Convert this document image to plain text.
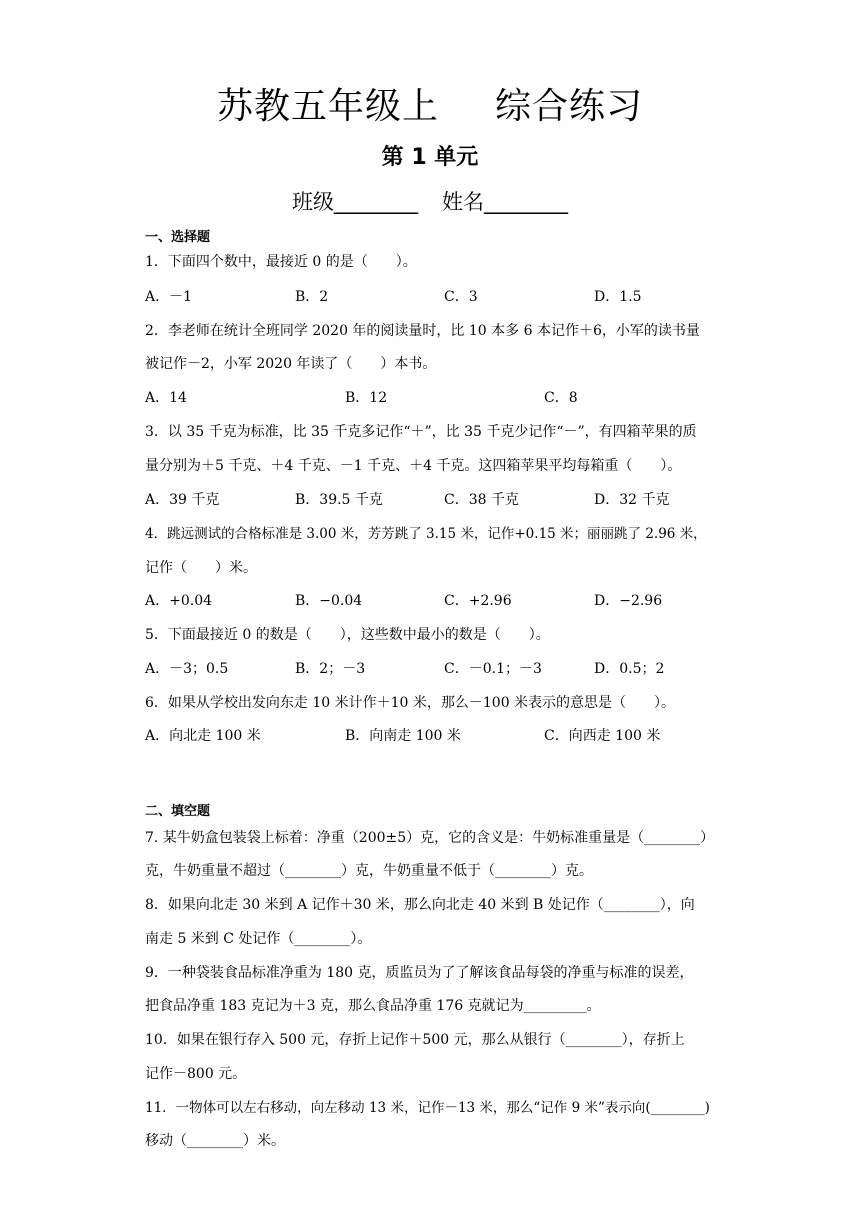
苏教五年级上 综合练习
第 1 单元
班级________ 姓名________
一、选择题
1．下面四个数中，最接近 0 的是（　　）。
A．－1	B．2	C．3	D．1.5
2．李老师在统计全班同学 2020 年的阅读量时，比 10 本多 6 本记作＋6，小军的读书量
被记作－2，小军 2020 年读了（　　）本书。
A．14	B．12	C．8
3．以 35 千克为标准，比 35 千克多记作“＋”，比 35 千克少记作“－”，有四箱苹果的质
量分别为＋5 千克、＋4 千克、－1 千克、＋4 千克。这四箱苹果平均每箱重（　　）。
A．39 千克	B．39.5 千克	C．38 千克	D．32 千克
4．跳远测试的合格标准是 3.00 米，芳芳跳了 3.15 米，记作+0.15 米；丽丽跳了 2.96 米，
记作（　　）米。
A．+0.04	B．−0.04	C．+2.96	D．−2.96
5．下面最接近 0 的数是（　　），这些数中最小的数是（　　）。
A．－3；0.5	B．2；－3	C．－0.1；－3	D．0.5；2
6．如果从学校出发向东走 10 米计作＋10 米，那么－100 米表示的意思是（　　）。
A．向北走 100 米	B．向南走 100 米	C．向西走 100 米
二、填空题
7. 某牛奶盒包装袋上标着：净重（200±5）克，它的含义是：牛奶标准重量是（________）
克，牛奶重量不超过（________）克，牛奶重量不低于（________）克。
8．如果向北走 30 米到 A 记作＋30 米，那么向北走 40 米到 B 处记作（________），向
南走 5 米到 C 处记作（________）。
9．一种袋装食品标准净重为 180 克，质监员为了了解该食品每袋的净重与标准的误差，
把食品净重 183 克记为＋3 克，那么食品净重 176 克就记为_________。
10．如果在银行存入 500 元，存折上记作＋500 元，那么从银行（________），存折上
记作－800 元。
11．一物体可以左右移动，向左移动 13 米，记作－13 米，那么“记作 9 米”表示向(________)
移动（________）米。
